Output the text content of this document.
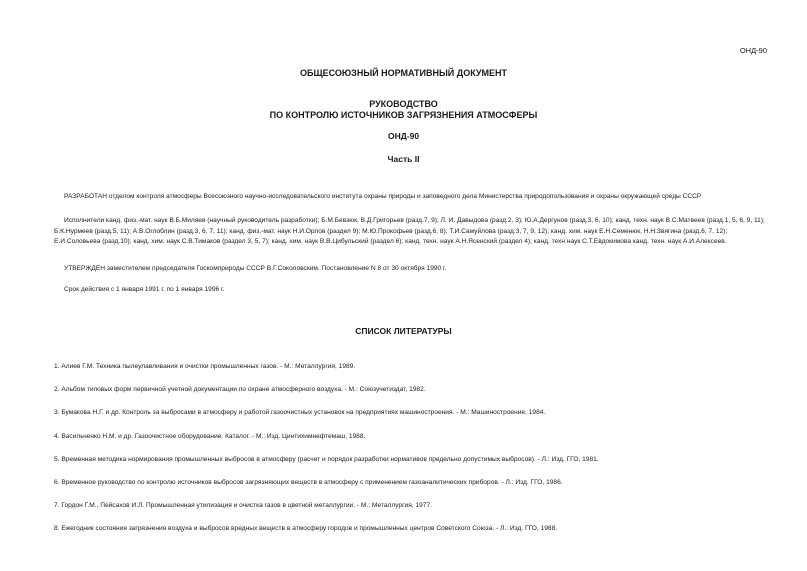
ОНД-90

ОБЩЕСОЮЗНЫЙ НОРМАТИВНЫЙ ДОКУМЕНТ

РУКОВОДСТВО
ПО КОНТРОЛЮ ИСТОЧНИКОВ ЗАГРЯЗНЕНИЯ АТМОСФЕРЫ

ОНД-90

Часть II

РАЗРАБОТАН отделом контроля атмосферы Всесоюзного научно-исследовательского института охраны природы и заповедного дела Министерства природопользования и охраны окружающей среды СССР

Исполнители канд. физ.-мат. наук В.Б.Миляев (научный руководитель разработки); Б.М.Бевзюк, В.Д.Григорьев (разд.7, 9); Л. И. Давыдова (разд.2, 3); Ю.А.Дергунов (разд.3, 6, 10); канд. техн. наук В.С.Матвеев (разд.1, 5, 6, 9, 11); Б.К.Нурмеев (разд.5, 11); А.В.Оглоблин (разд.3, 6, 7, 11); канд. физ.-мат. наук Н.И.Орлов (раздел 9); М.Ю.Прокофьев (разд.6, 8); Т.И.Самуйлова (разд.3, 7, 9, 12); канд. хим. наук Е.Н.Семенюк, Н.Н.Звягина (разд.6, 7, 12); Е.И.Соловьева (разд.10); канд. хим. наук С.В.Тимаков (раздел 3, 5, 7); канд. хим. наук В.В.Цибульский (раздел 6); канд. техн. наук А.Н.Ясенский (раздел 4); канд. техн наук С.Т.Евдокимова канд. техн. наук А.И.Алексеев.

УТВЕРЖДЕН заместителем председателя Госкомприроды СССР В.Г.Соколовским. Постановление N 8 от 30 октября 1990 г.

Срок действия с 1 января 1991 г. по 1 января 1996 г.

СПИСОК ЛИТЕРАТУРЫ
1. Алиев Г.М. Техника пылеулавливания и очистки промышленных газов. - М.: Металлургия, 1989.
2. Альбом типовых форм первичной учетной документации по охране атмосферного воздуха. - М.: Союзучетиздат, 1982.
3. Бумакова Н.Г. и др. Контроль за выбросами в атмосферу и работой газоочистных установок на предприятиях машиностроения. - М.: Машиностроение, 1984.
4. Васильченко Н.М. и др. Газоочистное оборудование. Каталог. - М.: Изд. Цинтихимнефтемаш, 1988.
5. Временная методика нормирования промышленных выбросов в атмосферу (расчет и порядок разработки нормативов предельно допустимых выбросов). - Л.: Изд. ГГО, 1981.
6. Временное руководство по контролю источников выбросов загрязняющих веществ в атмосферу с применением газоаналитических приборов. - Л.: Изд. ГГО, 1986.
7. Гордон Г.М., Пейсахов И.Л. Промышленная утилизация и очистка газов в цветной металлургии. - М.: Металлургия, 1977.
8. Ежегодник состояния загрязнения воздуха и выбросов вредных веществ в атмосферу городов и промышленных центров Советского Союза. - Л.: Изд. ГГО, 1988.
